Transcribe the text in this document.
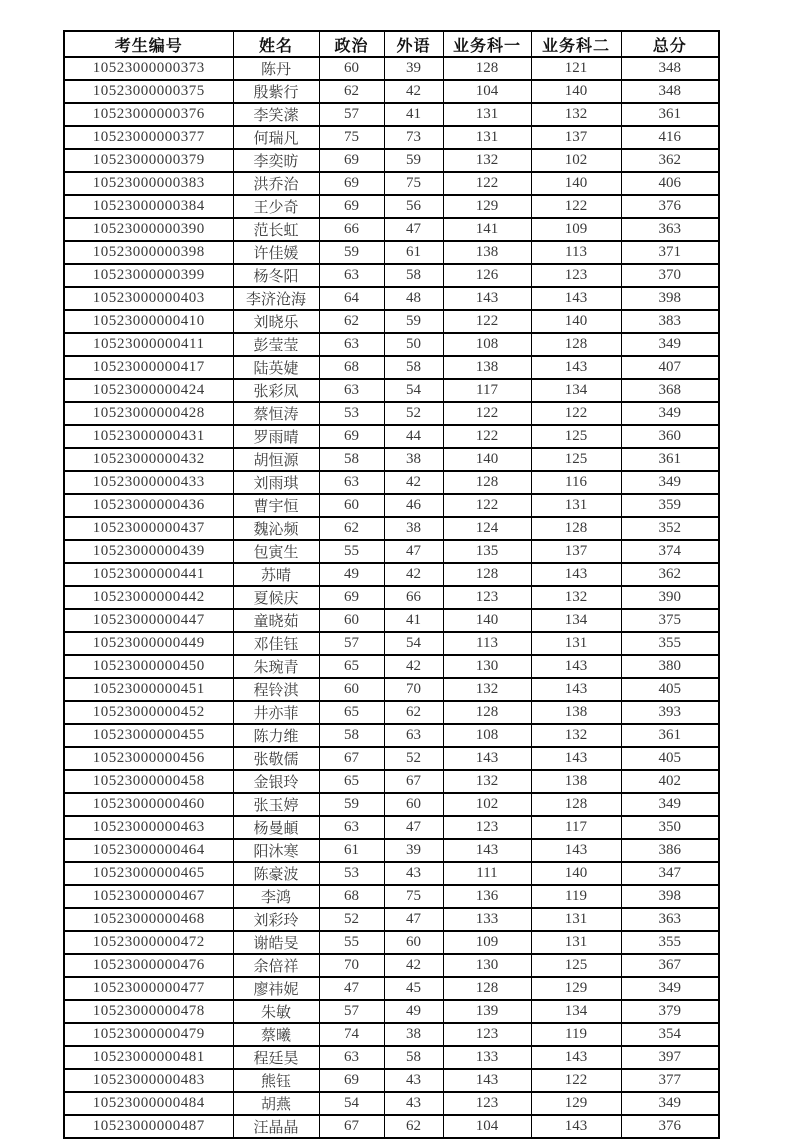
考生编号	姓名	政治	外语	业务科一	业务科二	总分
10523000000373	陈丹	60	39	128	121	348
10523000000375	殷紫行	62	42	104	140	348
10523000000376	李笑潆	57	41	131	132	361
10523000000377	何瑞凡	75	73	131	137	416
10523000000379	李奕昉	69	59	132	102	362
10523000000383	洪乔治	69	75	122	140	406
10523000000384	王少奇	69	56	129	122	376
10523000000390	范长虹	66	47	141	109	363
10523000000398	许佳媛	59	61	138	113	371
10523000000399	杨冬阳	63	58	126	123	370
10523000000403	李济沧海	64	48	143	143	398
10523000000410	刘晓乐	62	59	122	140	383
10523000000411	彭莹莹	63	50	108	128	349
10523000000417	陆英婕	68	58	138	143	407
10523000000424	张彩凤	63	54	117	134	368
10523000000428	蔡恒涛	53	52	122	122	349
10523000000431	罗雨晴	69	44	122	125	360
10523000000432	胡恒源	58	38	140	125	361
10523000000433	刘雨琪	63	42	128	116	349
10523000000436	曹宇恒	60	46	122	131	359
10523000000437	魏沁频	62	38	124	128	352
10523000000439	包寅生	55	47	135	137	374
10523000000441	苏晴	49	42	128	143	362
10523000000442	夏候庆	69	66	123	132	390
10523000000447	童晓茹	60	41	140	134	375
10523000000449	邓佳钰	57	54	113	131	355
10523000000450	朱琬青	65	42	130	143	380
10523000000451	程铃淇	60	70	132	143	405
10523000000452	井亦菲	65	62	128	138	393
10523000000455	陈力维	58	63	108	132	361
10523000000456	张敬儒	67	52	143	143	405
10523000000458	金银玲	65	67	132	138	402
10523000000460	张玉婷	59	60	102	128	349
10523000000463	杨曼頔	63	47	123	117	350
10523000000464	阳沐寒	61	39	143	143	386
10523000000465	陈豪波	53	43	111	140	347
10523000000467	李鸿	68	75	136	119	398
10523000000468	刘彩玲	52	47	133	131	363
10523000000472	谢皓旻	55	60	109	131	355
10523000000476	余倍祥	70	42	130	125	367
10523000000477	廖祎妮	47	45	128	129	349
10523000000478	朱敏	57	49	139	134	379
10523000000479	蔡曦	74	38	123	119	354
10523000000481	程廷昊	63	58	133	143	397
10523000000483	熊钰	69	43	143	122	377
10523000000484	胡燕	54	43	123	129	349
10523000000487	汪晶晶	67	62	104	143	376
